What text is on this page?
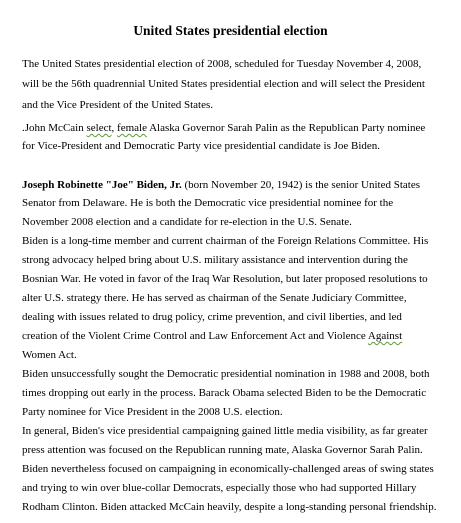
United States presidential election
The United States presidential election of 2008, scheduled for Tuesday November 4, 2008,
will be the 56th quadrennial United States presidential election and will select the President
and the Vice President of the United States.
.John McCain select, female Alaska Governor Sarah Palin as the Republican Party nominee
for Vice-President and Democratic Party vice presidential candidate is Joe Biden.
Joseph Robinette "Joe" Biden, Jr. (born November 20, 1942) is the senior United States
Senator from Delaware. He is both the Democratic vice presidential nominee for the
November 2008 election and a candidate for re-election in the U.S. Senate.
Biden is a long-time member and current chairman of the Foreign Relations Committee. His
strong advocacy helped bring about U.S. military assistance and intervention during the
Bosnian War. He voted in favor of the Iraq War Resolution, but later proposed resolutions to
alter U.S. strategy there. He has served as chairman of the Senate Judiciary Committee,
dealing with issues related to drug policy, crime prevention, and civil liberties, and led
creation of the Violent Crime Control and Law Enforcement Act and Violence Against
Women Act.
Biden unsuccessfully sought the Democratic presidential nomination in 1988 and 2008, both
times dropping out early in the process. Barack Obama selected Biden to be the Democratic
Party nominee for Vice President in the 2008 U.S. election.
In general, Biden's vice presidential campaigning gained little media visibility, as far greater
press attention was focused on the Republican running mate, Alaska Governor Sarah Palin.
Biden nevertheless focused on campaigning in economically-challenged areas of swing states
and trying to win over blue-collar Democrats, especially those who had supported Hillary
Rodham Clinton. Biden attacked McCain heavily, despite a long-standing personal friendship.
